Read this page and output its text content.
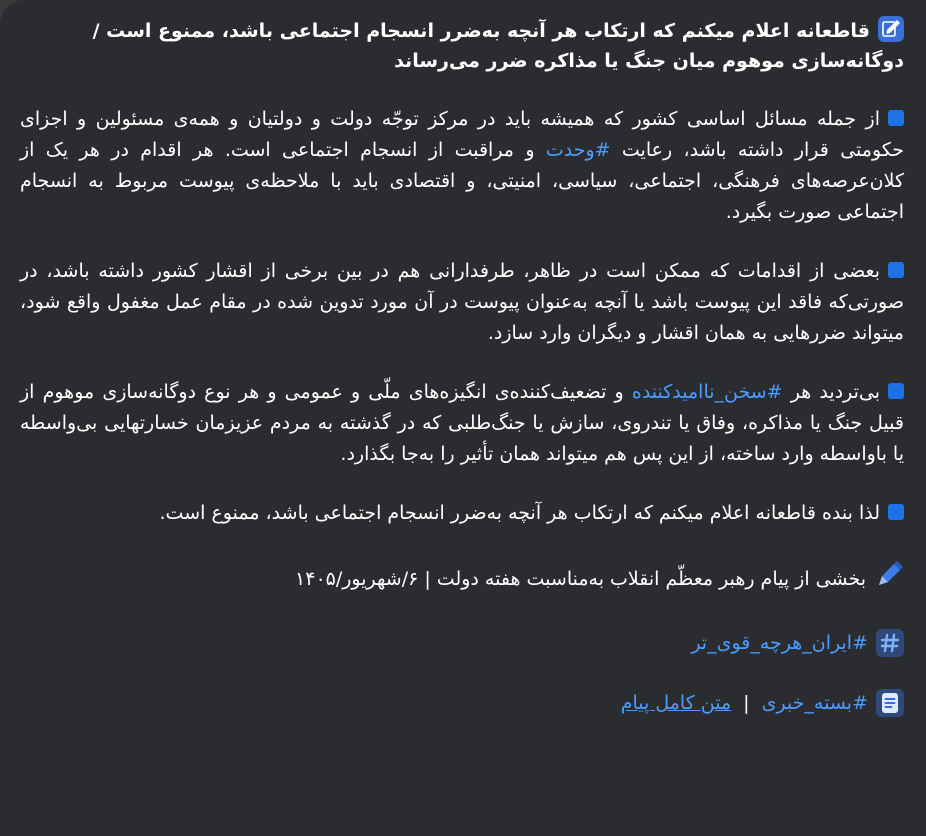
قاطعانه اعلام میکنم که ارتکاب هر آنچه به‌ضرر انسجام اجتماعی باشد، ممنوع است / دوگانه‌سازی موهوم میان جنگ یا مذاکره ضرر می‌رساند
از جمله مسائل اساسی کشور که همیشه باید در مرکز توجّه دولت و دولتیان و همه‌ی مسئولین و اجزای حکومتی قرار داشته باشد، رعایت #وحدت و مراقبت از انسجام اجتماعی است. هر اقدام در هر یک از کلان‌عرصه‌های فرهنگی، اجتماعی، سیاسی، امنیتی، و اقتصادی باید با ملاحظه‌ی پیوست مربوط به انسجام اجتماعی صورت بگیرد.
بعضی از اقدامات که ممکن است در ظاهر، طرفدارانی هم در بین برخی از اقشار کشور داشته باشد، در صورتی‌که فاقد این پیوست باشد یا آنچه به‌عنوان پیوست در آن مورد تدوین شده در مقام عمل مغفول واقع شود، میتواند ضررهایی به همان اقشار و دیگران وارد سازد.
بی‌تردید هر #سخن_ناامیدکننده و تضعیف‌کننده‌ی انگیزه‌های ملّی و عمومی و هر نوع دوگانه‌سازی موهوم از قبیل جنگ یا مذاکره، وفاق یا تندروی، سازش یا جنگ‌طلبی که در گذشته به مردم عزیزمان خسارتهایی بی‌واسطه یا باواسطه وارد ساخته، از این پس هم میتواند همان تأثیر را به‌جا بگذارد.
لذا بنده قاطعانه اعلام میکنم که ارتکاب هر آنچه به‌ضرر انسجام اجتماعی باشد، ممنوع است.
بخشی از پیام رهبر معظّم انقلاب به‌مناسبت هفته دولت | ۶/شهریور/۱۴۰۵
#ایران_هرچه_قوی_تر
#بسته_خبری
|
متن کامل پیام
